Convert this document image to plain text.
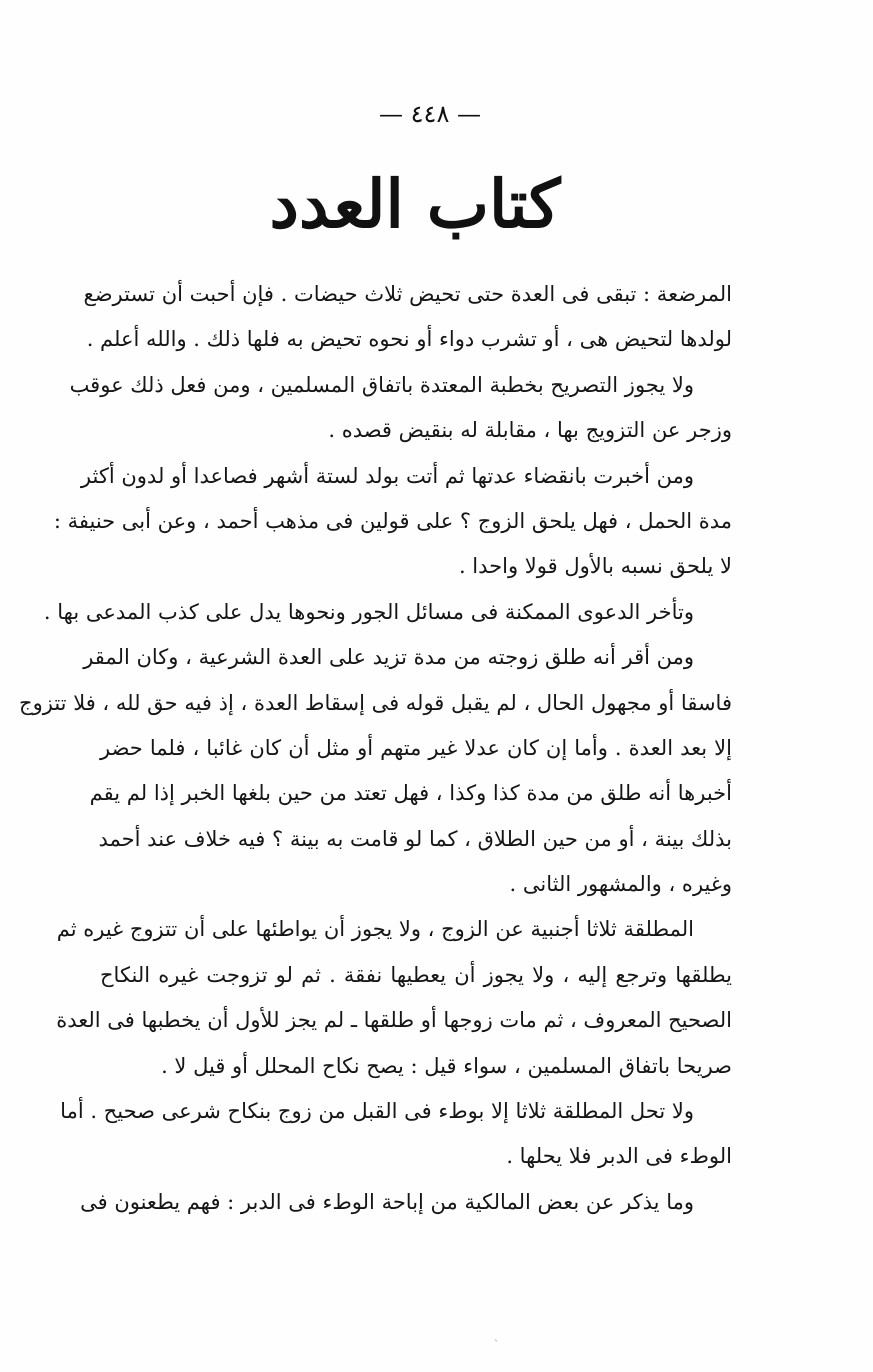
— ٤٤٨ —
كتاب العدد
المرضعة : تبقى فى العدة حتى تحيض ثلاث حيضات . فإن أحبت أن تسترضع
لولدها لتحيض هى ، أو تشرب دواء أو نحوه تحيض به فلها ذلك . والله أعلم .
ولا يجوز التصريح بخطبة المعتدة باتفاق المسلمين ، ومن فعل ذلك عوقب
وزجر عن التزويج بها ، مقابلة له بنقيض قصده .
ومن أخبرت بانقضاء عدتها ثم أتت بولد لستة أشهر فصاعدا أو لدون أكثر
مدة الحمل ، فهل يلحق الزوج ؟ على قولين فى مذهب أحمد ، وعن أبى حنيفة :
لا يلحق نسبه بالأول قولا واحدا .
وتأخر الدعوى الممكنة فى مسائل الجور ونحوها يدل على كذب المدعى بها .
ومن أقر أنه طلق زوجته من مدة تزيد على العدة الشرعية ، وكان المقر
فاسقا أو مجهول الحال ، لم يقبل قوله فى إسقاط العدة ، إذ فيه حق لله ، فلا تتزوج
إلا بعد العدة . وأما إن كان عدلا غير متهم أو مثل أن كان غائبا ، فلما حضر
أخبرها أنه طلق من مدة كذا وكذا ، فهل تعتد من حين بلغها الخبر إذا لم يقم
بذلك بينة ، أو من حين الطلاق ، كما لو قامت به بينة ؟ فيه خلاف عند أحمد
وغيره ، والمشهور الثانى .
المطلقة ثلاثا أجنبية عن الزوج ، ولا يجوز أن يواطئها على أن تتزوج غيره ثم
يطلقها وترجع إليه ، ولا يجوز أن يعطيها نفقة . ثم لو تزوجت غيره النكاح
الصحيح المعروف ، ثم مات زوجها أو طلقها ـ لم يجز للأول أن يخطبها فى العدة
صريحا باتفاق المسلمين ، سواء قيل : يصح نكاح المحلل أو قيل لا .
ولا تحل المطلقة ثلاثا إلا بوطء فى القبل من زوج بنكاح شرعى صحيح . أما
الوطء فى الدبر فلا يحلها .
وما يذكر عن بعض المالكية من إباحة الوطء فى الدبر : فهم يطعنون فى
ˎ
